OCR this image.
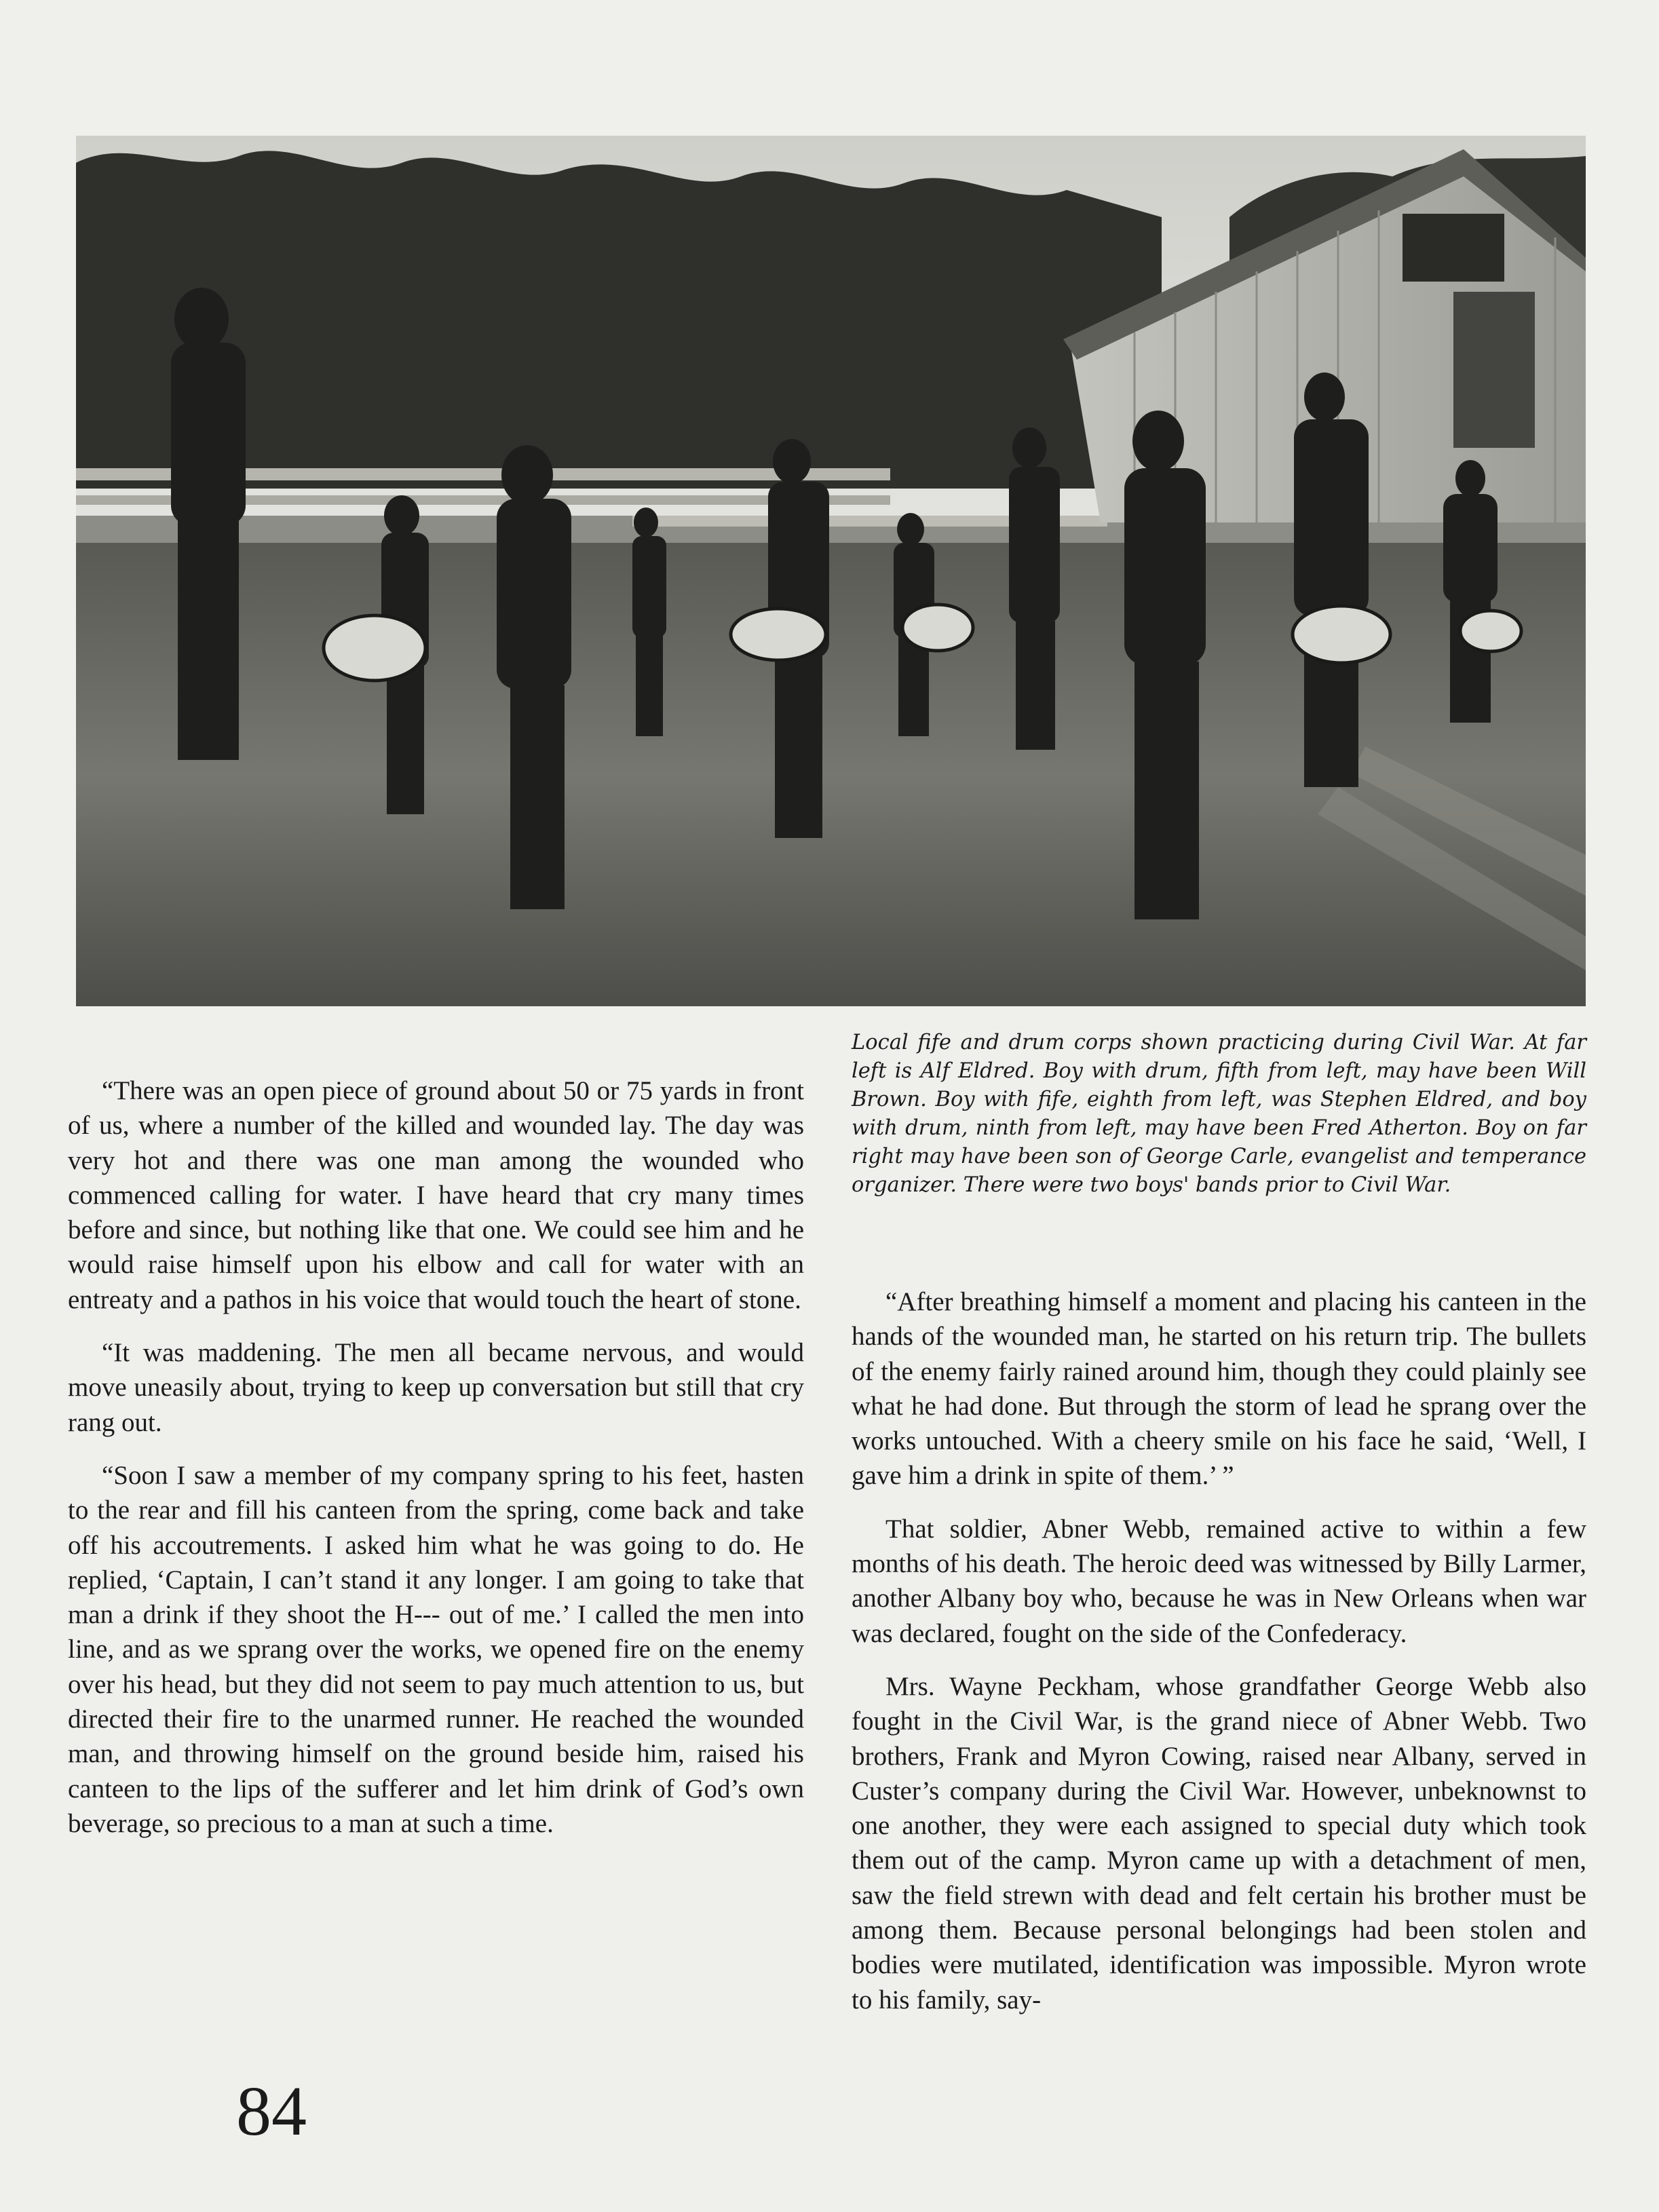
Local fife and drum corps shown practicing during Civil War. At far left is Alf Eldred. Boy with drum, fifth from left, may have been Will Brown. Boy with fife, eighth from left, was Stephen Eldred, and boy with drum, ninth from left, may have been Fred Atherton. Boy on far right may have been son of George Carle, evangelist and temperance organizer. There were two boys' bands prior to Civil War.

“There was an open piece of ground about 50 or 75 yards in front of us, where a number of the killed and wounded lay. The day was very hot and there was one man among the wounded who commenced calling for water. I have heard that cry many times before and since, but nothing like that one. We could see him and he would raise himself upon his elbow and call for water with an entreaty and a pathos in his voice that would touch the heart of stone.

“It was maddening. The men all became nervous, and would move uneasily about, trying to keep up conversation but still that cry rang out.

“Soon I saw a member of my company spring to his feet, hasten to the rear and fill his canteen from the spring, come back and take off his accoutrements. I asked him what he was going to do. He replied, ‘Captain, I can’t stand it any longer. I am going to take that man a drink if they shoot the H--- out of me.’ I called the men into line, and as we sprang over the works, we opened fire on the enemy over his head, but they did not seem to pay much attention to us, but directed their fire to the unarmed runner. He reached the wounded man, and throwing himself on the ground beside him, raised his canteen to the lips of the sufferer and let him drink of God’s own beverage, so precious to a man at such a time.

“After breathing himself a moment and placing his canteen in the hands of the wounded man, he started on his return trip. The bullets of the enemy fairly rained around him, though they could plainly see what he had done. But through the storm of lead he sprang over the works untouched. With a cheery smile on his face he said, ‘Well, I gave him a drink in spite of them.’ ”

That soldier, Abner Webb, remained active to within a few months of his death. The heroic deed was witnessed by Billy Larmer, another Albany boy who, because he was in New Orleans when war was declared, fought on the side of the Confederacy.

Mrs. Wayne Peckham, whose grandfather George Webb also fought in the Civil War, is the grand niece of Abner Webb. Two brothers, Frank and Myron Cowing, raised near Albany, served in Custer’s company during the Civil War. However, unbeknownst to one another, they were each assigned to special duty which took them out of the camp. Myron came up with a detachment of men, saw the field strewn with dead and felt certain his brother must be among them. Because personal belongings had been stolen and bodies were mutilated, identification was impossible. Myron wrote to his family, say-

84
